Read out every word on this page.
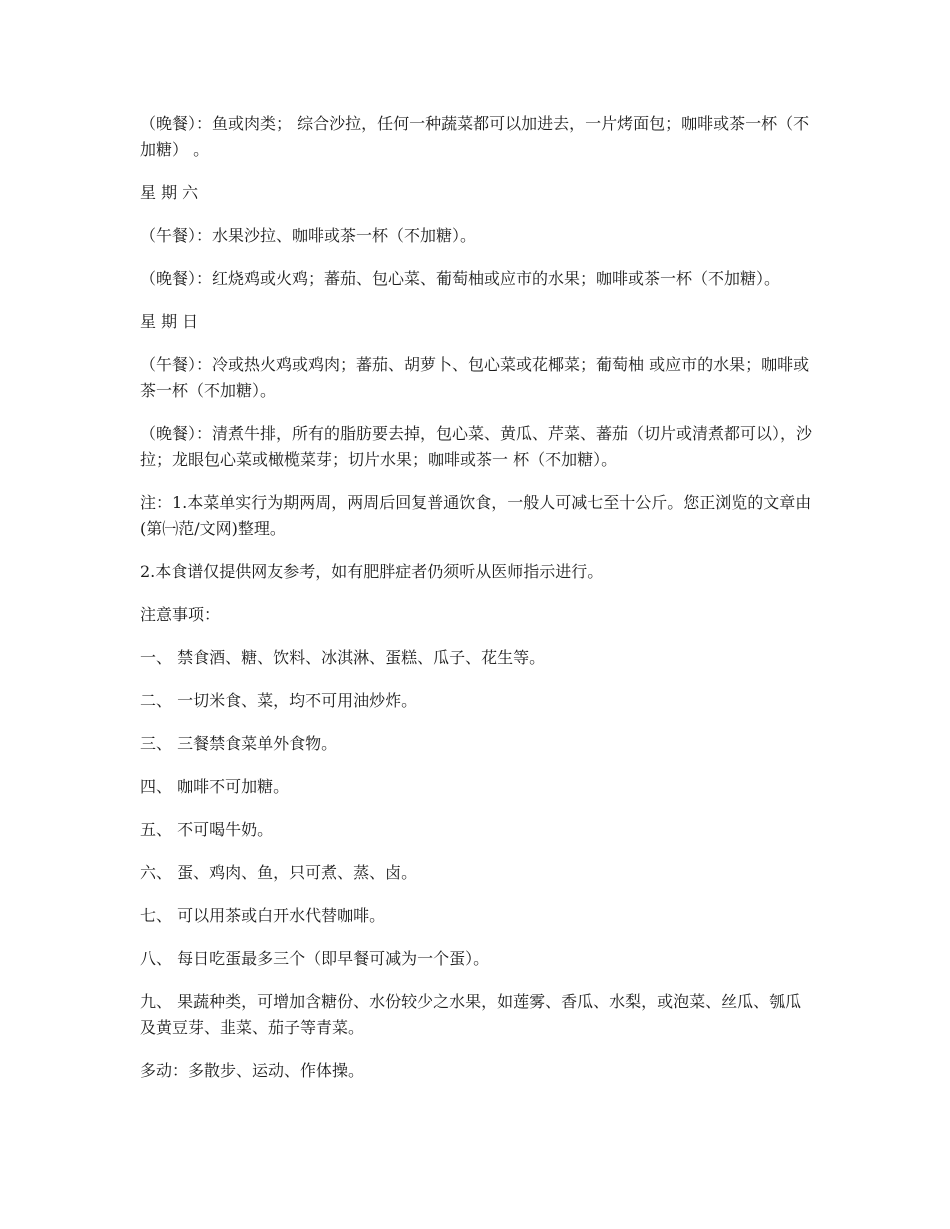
（晚餐）：鱼或肉类； 综合沙拉，任何一种蔬菜都可以加进去，一片烤面包；咖啡或茶一杯（不加糖） 。

星 期 六

（午餐）：水果沙拉、咖啡或茶一杯（不加糖）。

（晚餐）：红烧鸡或火鸡；蕃茄、包心菜、葡萄柚或应市的水果；咖啡或茶一杯（不加糖）。

星 期 日

（午餐）：冷或热火鸡或鸡肉；蕃茄、胡萝卜、包心菜或花椰菜；葡萄柚 或应市的水果；咖啡或茶一杯（不加糖）。

（晚餐）：清煮牛排，所有的脂肪要去掉，包心菜、黄瓜、芹菜、蕃茄（切片或清煮都可以），沙拉；龙眼包心菜或橄榄菜芽；切片水果；咖啡或茶一 杯（不加糖）。

注：1.本菜单实行为期两周，两周后回复普通饮食，一般人可减七至十公斤。您正浏览的文章由(第㈠范/文网)整理。

2.本食谱仅提供网友参考，如有肥胖症者仍须听从医师指示进行。

注意事项：

一、 禁食酒、糖、饮料、冰淇淋、蛋糕、瓜子、花生等。

二、 一切米食、菜，均不可用油炒炸。

三、 三餐禁食菜单外食物。

四、 咖啡不可加糖。

五、 不可喝牛奶。

六、 蛋、鸡肉、鱼，只可煮、蒸、卤。

七、 可以用茶或白开水代替咖啡。

八、 每日吃蛋最多三个（即早餐可减为一个蛋）。

九、 果蔬种类，可增加含糖份、水份较少之水果，如莲雾、香瓜、水梨，或泡菜、丝瓜、瓠瓜及黄豆芽、韭菜、茄子等青菜。

多动：多散步、运动、作体操。
